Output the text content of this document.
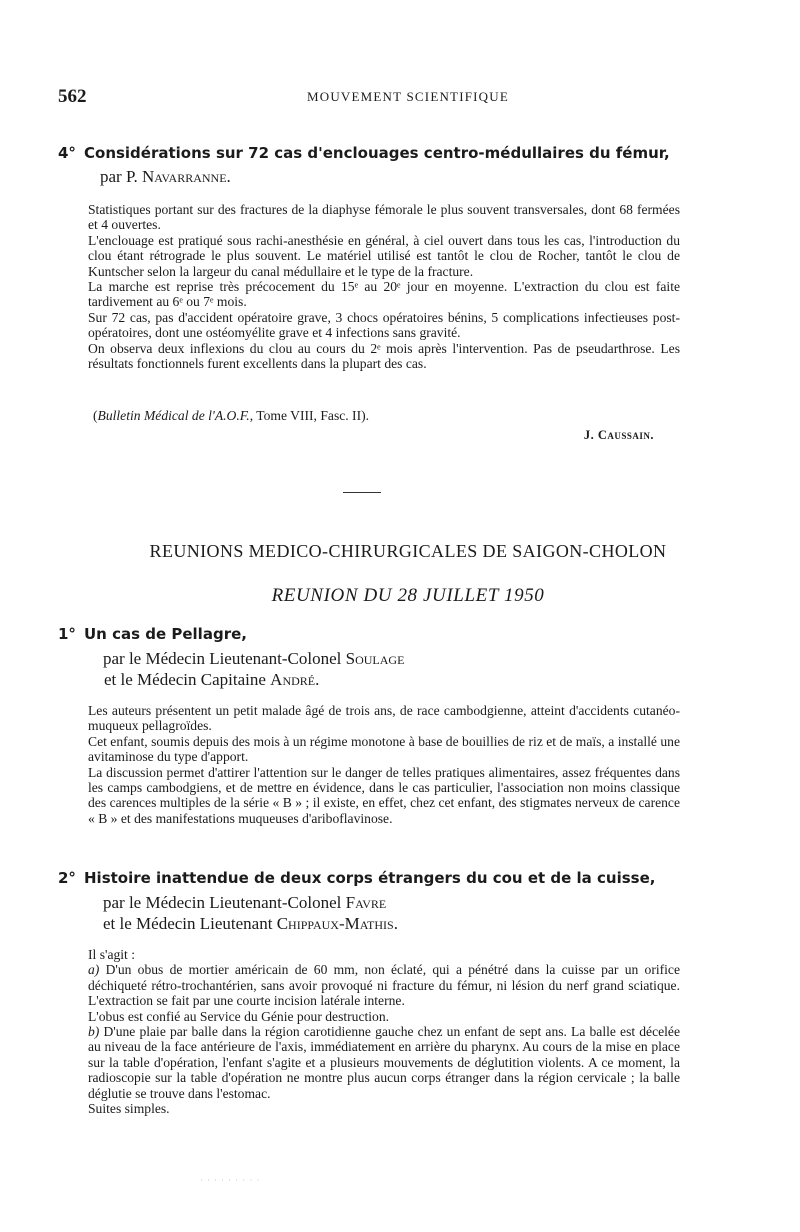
562	MOUVEMENT SCIENTIFIQUE
4° Considérations sur 72 cas d'enclouages centro-médullaires du fémur,
par P. Navarranne.

Statistiques portant sur des fractures de la diaphyse fémorale le plus souvent transversales, dont 68 fermées et 4 ouvertes.

L'enclouage est pratiqué sous rachi-anesthésie en général, à ciel ouvert dans tous les cas, l'introduction du clou étant rétrograde le plus souvent. Le matériel utilisé est tantôt le clou de Rocher, tantôt le clou de Kuntscher selon la largeur du canal médullaire et le type de la fracture.

La marche est reprise très précocement du 15ᵉ au 20ᵉ jour en moyenne. L'extraction du clou est faite tardivement au 6ᵉ ou 7ᵉ mois.

Sur 72 cas, pas d'accident opératoire grave, 3 chocs opératoires bénins, 5 complications infectieuses post-opératoires, dont une ostéomyélite grave et 4 infections sans gravité.

On observa deux inflexions du clou au cours du 2ᵉ mois après l'intervention. Pas de pseudarthrose. Les résultats fonctionnels furent excellents dans la plupart des cas.

(Bulletin Médical de l'A.O.F., Tome VIII, Fasc. II).
J. Caussain.
REUNIONS MEDICO-CHIRURGICALES DE SAIGON-CHOLON
REUNION DU 28 JUILLET 1950
1° Un cas de Pellagre,
par le Médecin Lieutenant-Colonel Soulage
et le Médecin Capitaine André.

Les auteurs présentent un petit malade âgé de trois ans, de race cambodgienne, atteint d'accidents cutanéo-muqueux pellagroïdes.

Cet enfant, soumis depuis des mois à un régime monotone à base de bouillies de riz et de maïs, a installé une avitaminose du type d'apport.

La discussion permet d'attirer l'attention sur le danger de telles pratiques alimentaires, assez fréquentes dans les camps cambodgiens, et de mettre en évidence, dans le cas particulier, l'association non moins classique des carences multiples de la série « B » ; il existe, en effet, chez cet enfant, des stigmates nerveux de carence « B » et des manifestations muqueuses d'ariboflavinose.

2° Histoire inattendue de deux corps étrangers du cou et de la cuisse,
par le Médecin Lieutenant-Colonel Favre
et le Médecin Lieutenant Chippaux-Mathis.

Il s'agit :

a) D'un obus de mortier américain de 60 mm, non éclaté, qui a pénétré dans la cuisse par un orifice déchiqueté rétro-trochantérien, sans avoir provoqué ni fracture du fémur, ni lésion du nerf grand sciatique. L'extraction se fait par une courte incision latérale interne.

L'obus est confié au Service du Génie pour destruction.

b) D'une plaie par balle dans la région carotidienne gauche chez un enfant de sept ans. La balle est décelée au niveau de la face antérieure de l'axis, immédiatement en arrière du pharynx. Au cours de la mise en place sur la table d'opération, l'enfant s'agite et a plusieurs mouvements de déglutition violents. A ce moment, la radioscopie sur la table d'opération ne montre plus aucun corps étranger dans la région cervicale ; la balle déglutie se trouve dans l'estomac.

Suites simples.

· · · · · · · · ·
